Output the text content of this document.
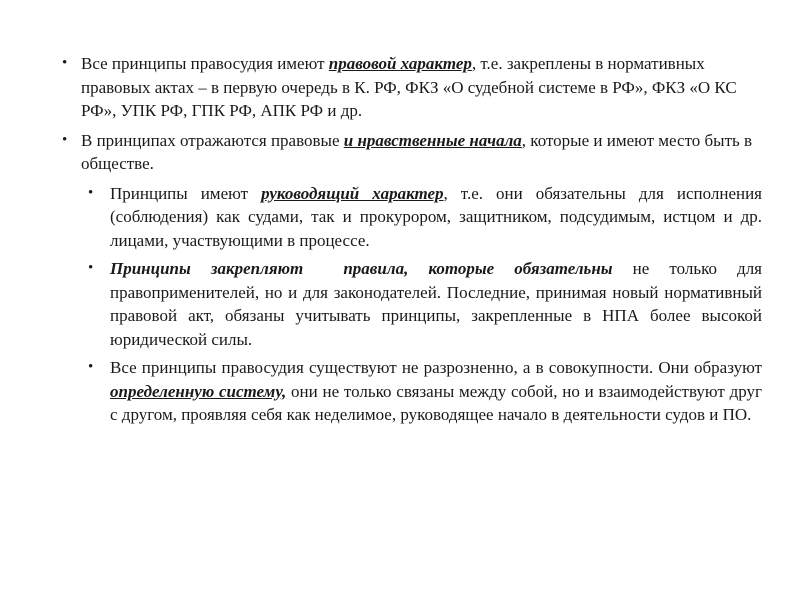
• Все принципы правосудия имеют правовой характер, т.е. закреплены в нормативных правовых актах – в первую очередь в К. РФ, ФКЗ «О судебной системе в РФ», ФКЗ «О КС РФ», УПК РФ, ГПК РФ, АПК РФ и др.
• В принципах отражаются правовые и нравственные начала, которые и имеют место быть в обществе.
• Принципы имеют руководящий характер, т.е. они обязательны для исполнения (соблюдения) как судами, так и прокурором, защитником, подсудимым, истцом и др. лицами, участвующими в процессе.
• Принципы закрепляют  правила, которые обязательны не только для правоприменителей, но и для законодателей. Последние, принимая новый нормативный правовой акт, обязаны учитывать принципы, закрепленные в НПА более высокой юридической силы.
• Все принципы правосудия существуют не разрозненно, а в совокупности. Они образуют определенную систему, они не только связаны между собой, но и взаимодействуют друг с другом, проявляя себя как неделимое, руководящее начало в деятельности судов и ПО.
